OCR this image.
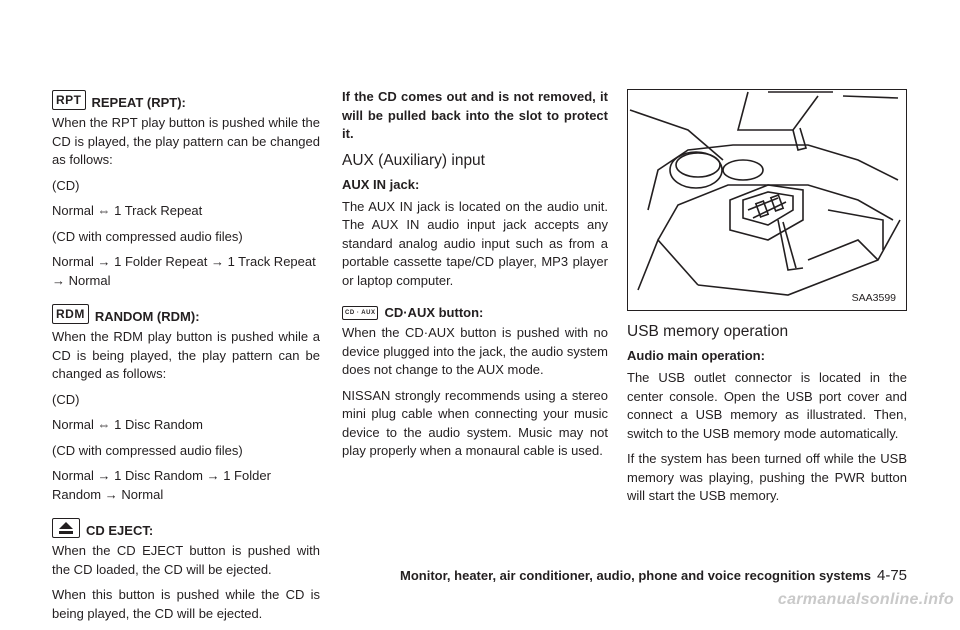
RPT REPEAT (RPT):

When the RPT play button is pushed while the CD is played, the play pattern can be changed as follows:

(CD)

Normal ⇔ 1 Track Repeat

(CD with compressed audio files)

Normal → 1 Folder Repeat → 1 Track Repeat → Normal

RDM RANDOM (RDM):

When the RDM play button is pushed while a CD is being played, the play pattern can be changed as follows:

(CD)

Normal ⇔ 1 Disc Random

(CD with compressed audio files)

Normal → 1 Disc Random → 1 Folder Random → Normal

CD EJECT:

When the CD EJECT button is pushed with the CD loaded, the CD will be ejected.

When this button is pushed while the CD is being played, the CD will be ejected.

If the CD comes out and is not removed, it will be pulled back into the slot to protect it.

AUX (Auxiliary) input
AUX IN jack:

The AUX IN jack is located on the audio unit. The AUX IN audio input jack accepts any standard analog audio input such as from a portable cassette tape/CD player, MP3 player or laptop computer.

CD · AUX CD·AUX button:

When the CD·AUX button is pushed with no device plugged into the jack, the audio system does not change to the AUX mode.

NISSAN strongly recommends using a stereo mini plug cable when connecting your music device to the audio system. Music may not play properly when a monaural cable is used.

SAA3599
USB memory operation
Audio main operation:

The USB outlet connector is located in the center console. Open the USB port cover and connect a USB memory as illustrated. Then, switch to the USB memory mode automatically.

If the system has been turned off while the USB memory was playing, pushing the PWR button will start the USB memory.

Monitor, heater, air conditioner, audio, phone and voice recognition systems 4-75
carmanualsonline.info
